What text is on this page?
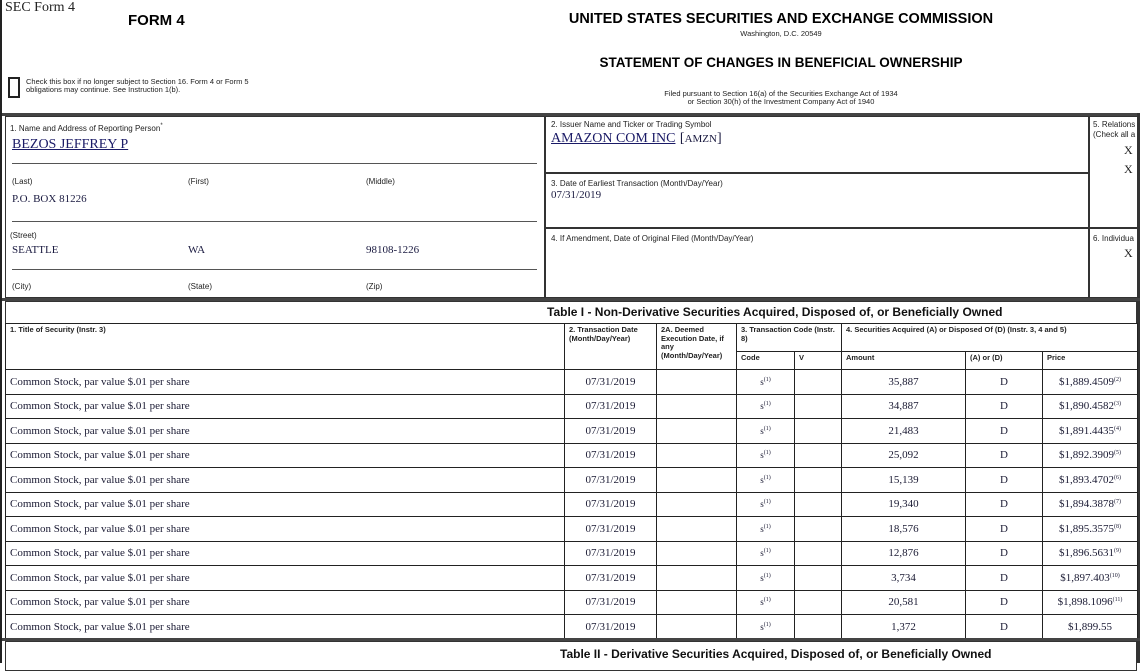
SEC Form 4
FORM 4
Check this box if no longer subject to Section 16. Form 4 or Form 5
obligations may continue. See Instruction 1(b).
UNITED STATES SECURITIES AND EXCHANGE COMMISSION
Washington, D.C. 20549
STATEMENT OF CHANGES IN BENEFICIAL OWNERSHIP
Filed pursuant to Section 16(a) of the Securities Exchange Act of 1934
or Section 30(h) of the Investment Company Act of 1940
1. Name and Address of Reporting Person*
BEZOS JEFFREY P
(Last)	(First)	(Middle)
P.O. BOX 81226
(Street)
SEATTLE	WA	98108-1226
(City)	(State)	(Zip)
2. Issuer Name and Ticker or Trading Symbol
AMAZON COM INC [AMZN]
3. Date of Earliest Transaction (Month/Day/Year)
07/31/2019
4. If Amendment, Date of Original Filed (Month/Day/Year)
5. Relations
(Check all a
X
X
6. Individua
X
Table I - Non-Derivative Securities Acquired, Disposed of, or Beneficially Owned
1. Title of Security (Instr. 3)	2. Transaction Date (Month/Day/Year)	2A. Deemed Execution Date, if any (Month/Day/Year)	3. Transaction Code (Instr. 8)		4. Securities Acquired (A) or Disposed Of (D) (Instr. 3, 4 and 5)		
			Code	V	Amount	(A) or (D)	Price
Common Stock, par value $.01 per share	07/31/2019		$s^{(1)}$		35,887	D	$1,889.4509$^{(2)}$
Common Stock, par value $.01 per share	07/31/2019		$s^{(1)}$		34,887	D	$1,890.4582$^{(3)}$
Common Stock, par value $.01 per share	07/31/2019		$s^{(1)}$		21,483	D	$1,891.4435$^{(4)}$
Common Stock, par value $.01 per share	07/31/2019		$s^{(1)}$		25,092	D	$1,892.3909$^{(5)}$
Common Stock, par value $.01 per share	07/31/2019		$s^{(1)}$		15,139	D	$1,893.4702$^{(6)}$
Common Stock, par value $.01 per share	07/31/2019		$s^{(1)}$		19,340	D	$1,894.3878$^{(7)}$
Common Stock, par value $.01 per share	07/31/2019		$s^{(1)}$		18,576	D	$1,895.3575$^{(8)}$
Common Stock, par value $.01 per share	07/31/2019		$s^{(1)}$		12,876	D	$1,896.5631$^{(9)}$
Common Stock, par value $.01 per share	07/31/2019		$s^{(1)}$		3,734	D	$1,897.403$^{(10)}$
Common Stock, par value $.01 per share	07/31/2019		$s^{(1)}$		20,581	D	$1,898.1096$^{(11)}$
Common Stock, par value $.01 per share	07/31/2019		$s^{(1)}$		1,372	D	$1,899.55
Table II - Derivative Securities Acquired, Disposed of, or Beneficially Owned
